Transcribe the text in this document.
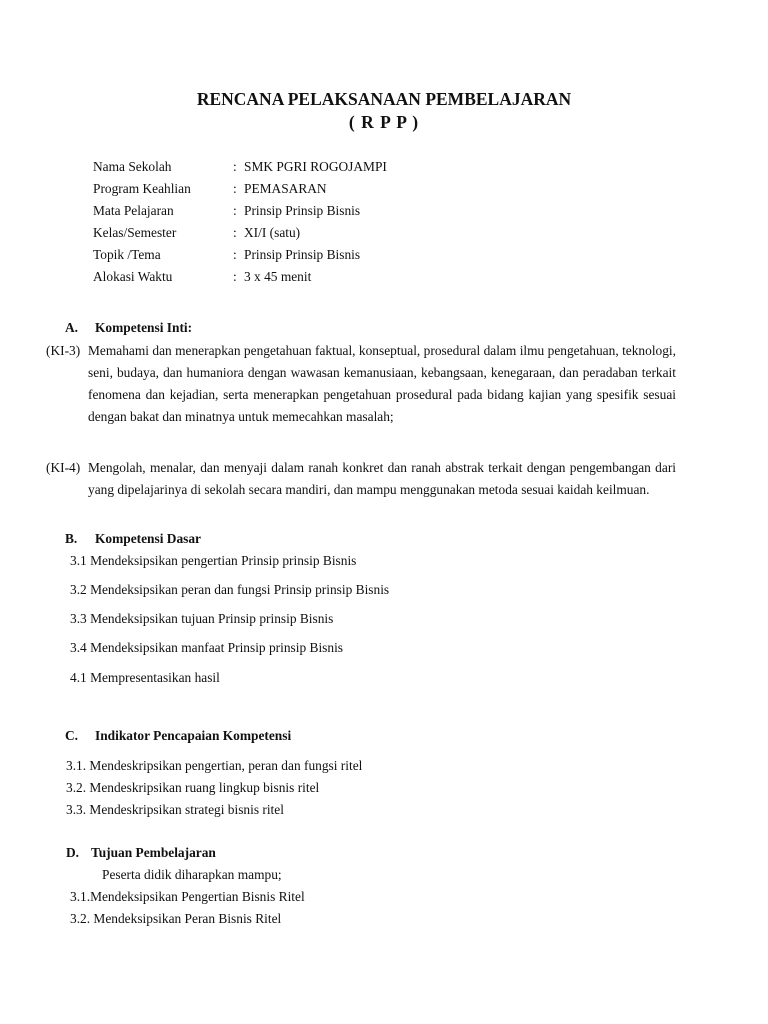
RENCANA PELAKSANAAN PEMBELAJARAN
( R P P )
Nama Sekolah	: SMK PGRI ROGOJAMPI
Program Keahlian	: PEMASARAN
Mata Pelajaran	: Prinsip Prinsip Bisnis
Kelas/Semester	: XI/I (satu)
Topik /Tema	: Prinsip Prinsip Bisnis
Alokasi Waktu	: 3 x 45 menit
A. Kompetensi Inti:
(KI-3) Memahami dan menerapkan pengetahuan faktual, konseptual, prosedural dalam ilmu pengetahuan, teknologi, seni, budaya, dan humaniora dengan wawasan kemanusiaan, kebangsaan, kenegaraan, dan peradaban terkait fenomena dan kejadian, serta menerapkan pengetahuan prosedural pada bidang kajian yang spesifik sesuai dengan bakat dan minatnya untuk memecahkan masalah;
(KI-4) Mengolah, menalar, dan menyaji dalam ranah konkret dan ranah abstrak terkait dengan pengembangan dari yang dipelajarinya di sekolah secara mandiri, dan mampu menggunakan metoda sesuai kaidah keilmuan.
B. Kompetensi Dasar
3.1 Mendeksipsikan pengertian Prinsip prinsip Bisnis
3.2 Mendeksipsikan peran dan fungsi Prinsip prinsip Bisnis
3.3 Mendeksipsikan tujuan Prinsip prinsip Bisnis
3.4 Mendeksipsikan manfaat Prinsip prinsip Bisnis
4.1 Mempresentasikan hasil
C. Indikator Pencapaian Kompetensi
3.1. Mendeskripsikan pengertian, peran dan fungsi ritel
3.2. Mendeskripsikan ruang lingkup bisnis ritel
3.3. Mendeskripsikan strategi bisnis ritel
D. Tujuan Pembelajaran
Peserta didik diharapkan mampu;
3.1.Mendeksipsikan Pengertian Bisnis Ritel
3.2. Mendeksipsikan Peran Bisnis Ritel
